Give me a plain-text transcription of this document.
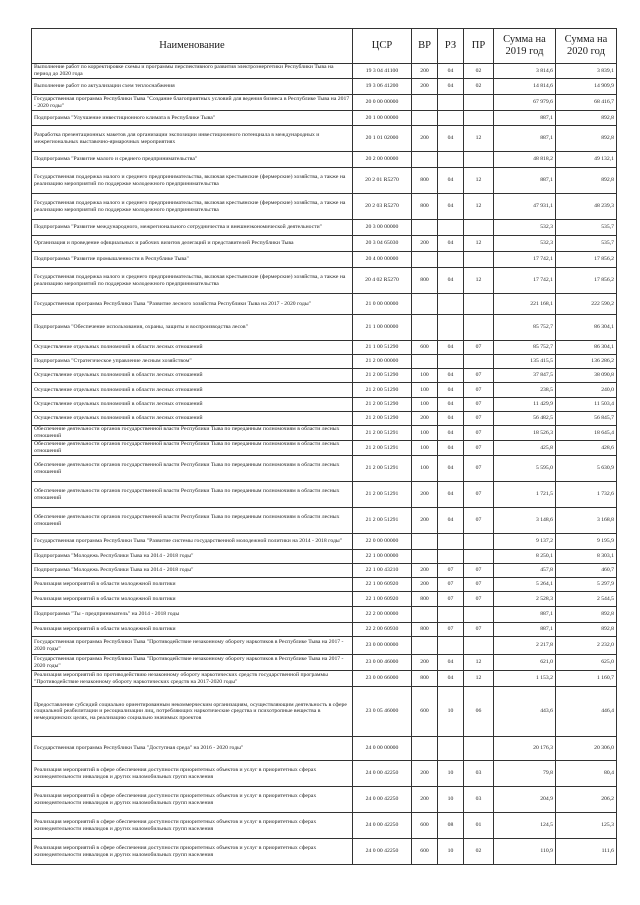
Наименование	ЦСР	ВР	РЗ	ПР	Сумма на 2019 год	Сумма на 2020 год
Выполнение работ по корректировке схемы и программы перспективного развития электроэнергетики Республики Тыва на период до 2020 года	19 3 04 41100	200	04	02	3 814,6	3 839,1
Выполнение работ по актуализации схем теплоснабжения	19 3 06 41200	200	04	02	14 814,6	14 909,9
Государственная программа Республики Тыва "Создание благоприятных условий для ведения бизнеса в Республике Тыва на 2017 - 2020 годы"	20 0 00 00000				67 979,6	68 416,7
Подпрограмма "Улучшение инвестиционного климата в Республике Тыва"	20 1 00 00000				887,1	892,8
Разработка презентационных макетов для организации экспозиции инвестиционного потенциала в международных и межрегиональных выставочно-ярмарочных мероприятиях	20 1 01 02000	200	04	12	887,1	892,8
Подпрограмма "Развитие малого и среднего предпринимательства"	20 2 00 00000				48 818,2	49 132,1
Государственная поддержка малого и среднего предпринимательства, включая крестьянские (фермерские) хозяйства, а также на реализацию мероприятий по поддержке молодежного предпринимательства	20 2 01 R5270	800	04	12	887,1	892,8
Государственная поддержка малого и среднего предпринимательства, включая крестьянские (фермерские) хозяйства, а также на реализацию мероприятий по поддержке молодежного предпринимательства	20 2 03 R5270	800	04	12	47 931,1	48 239,3
Подпрограмма "Развитие международного, межрегионального сотрудничества и внешнеэкономической деятельности"	20 3 00 00000				532,3	535,7
Организация и проведение официальных и рабочих визитов делегаций и представителей Республики Тыва	20 3 04 65030	200	04	12	532,3	535,7
Подпрограмма "Развитие промышленности в Республике Тыва"	20 4 00 00000				17 742,1	17 856,2
Государственная поддержка малого и среднего предпринимательства, включая крестьянские (фермерские) хозяйства, а также на реализацию мероприятий по поддержке молодежного предпринимательства	20 4 02 R5270	800	04	12	17 742,1	17 856,2
Государственная программа Республики Тыва "Развитие лесного хозяйства Республики Тыва на 2017 - 2020 годы"	21 0 00 00000				221 168,1	222 590,2
Подпрограмма "Обеспечение использования, охраны, защиты и воспроизводства лесов"	21 1 00 00000				85 752,7	86 304,1
Осуществление отдельных полномочий в области лесных отношений	21 1 00 51290	600	04	07	85 752,7	86 304,1
Подпрограмма "Стратегическое управление лесным хозяйством"	21 2 00 00000				135 415,5	136 286,2
Осуществление отдельных полномочий в области лесных отношений	21 2 00 51290	100	04	07	37 847,5	38 090,8
Осуществление отдельных полномочий в области лесных отношений	21 2 00 51290	100	04	07	238,5	240,0
Осуществление отдельных полномочий в области лесных отношений	21 2 00 51290	100	04	07	11 429,9	11 503,4
Осуществление отдельных полномочий в области лесных отношений	21 2 00 51290	200	04	07	56 482,5	56 845,7
Обеспечение деятельности органов государственной власти Республики Тыва по переданным полномочиям в области лесных отношений	21 2 00 51291	100	04	07	18 526,3	18 645,4
Обеспечение деятельности органов государственной власти Республики Тыва по переданным полномочиям в области лесных отношений	21 2 00 51291	100	04	07	425,8	428,6
Обеспечение деятельности органов государственной власти Республики Тыва по переданным полномочиям в области лесных отношений	21 2 00 51291	100	04	07	5 595,0	5 630,9
Обеспечение деятельности органов государственной власти Республики Тыва по переданным полномочиям в области лесных отношений	21 2 00 51291	200	04	07	1 721,5	1 732,6
Обеспечение деятельности органов государственной власти Республики Тыва по переданным полномочиям в области лесных отношений	21 2 00 51291	200	04	07	3 148,6	3 168,8
Государственная программа Республики Тыва "Развитие системы государственной молодежной политики на 2014 - 2018 годы"	22 0 00 00000				9 137,2	9 195,9
Подпрограмма "Молодежь Республики Тыва на 2014 - 2018 годы"	22 1 00 00000				8 250,1	8 303,1
Подпрограмма "Молодежь Республики Тыва на 2014 - 2018 годы"	22 1 00 43210	200	07	07	457,8	460,7
Реализация мероприятий в области молодежной политики	22 1 00 60920	200	07	07	5 264,1	5 297,9
Реализация мероприятий в области молодежной политики	22 1 00 60920	800	07	07	2 528,3	2 544,5
Подпрограмма "Ты - предприниматель" на 2014 - 2018 годы	22 2 00 00000				887,1	892,8
Реализация мероприятий в области молодежной политики	22 2 00 60930	800	07	07	887,1	892,8
Государственная программа Республики Тыва "Противодействие незаконному обороту наркотиков в Республике Тыва на 2017 - 2020 годы"	23 0 00 00000				2 217,8	2 232,0
Государственная программа Республики Тыва "Противодействие незаконному обороту наркотиков в Республике Тыва на 2017 - 2020 годы"	23 0 00 46000	200	04	12	621,0	625,0
Реализация мероприятий по противодействию незаконному обороту наркотических средств государственной программы "Противодействие незаконному обороту наркотических средств на 2017-2020 годы"	23 0 00 66000	800	04	12	1 153,2	1 160,7
Предоставление субсидий социально ориентированным некоммерческим организациям, осуществляющим деятельность в сфере социальной реабилитации и ресоциализации лиц, потребляющих наркотические средства и психотропные вещества в немедицинских целях, на реализацию социально значимых проектов	23 0 05 46000	600	10	06	443,6	446,4
Государственная программа Республики Тыва "Доступная среда" на 2016 - 2020 годы"	24 0 00 00000				20 176,3	20 306,0
Реализация мероприятий в сфере обеспечения доступности приоритетных объектов и услуг в приоритетных сферах жизнедеятельности инвалидов и других маломобильных групп населения	24 0 00 42250	200	10	03	79,8	80,4
Реализация мероприятий в сфере обеспечения доступности приоритетных объектов и услуг в приоритетных сферах жизнедеятельности инвалидов и других маломобильных групп населения	24 0 00 42250	200	10	03	204,9	206,2
Реализация мероприятий в сфере обеспечения доступности приоритетных объектов и услуг в приоритетных сферах жизнедеятельности инвалидов и других маломобильных групп населения	24 0 00 42250	600	08	01	124,5	125,3
Реализация мероприятий в сфере обеспечения доступности приоритетных объектов и услуг в приоритетных сферах жизнедеятельности инвалидов и других маломобильных групп населения	24 0 00 42250	600	10	02	110,9	111,6
